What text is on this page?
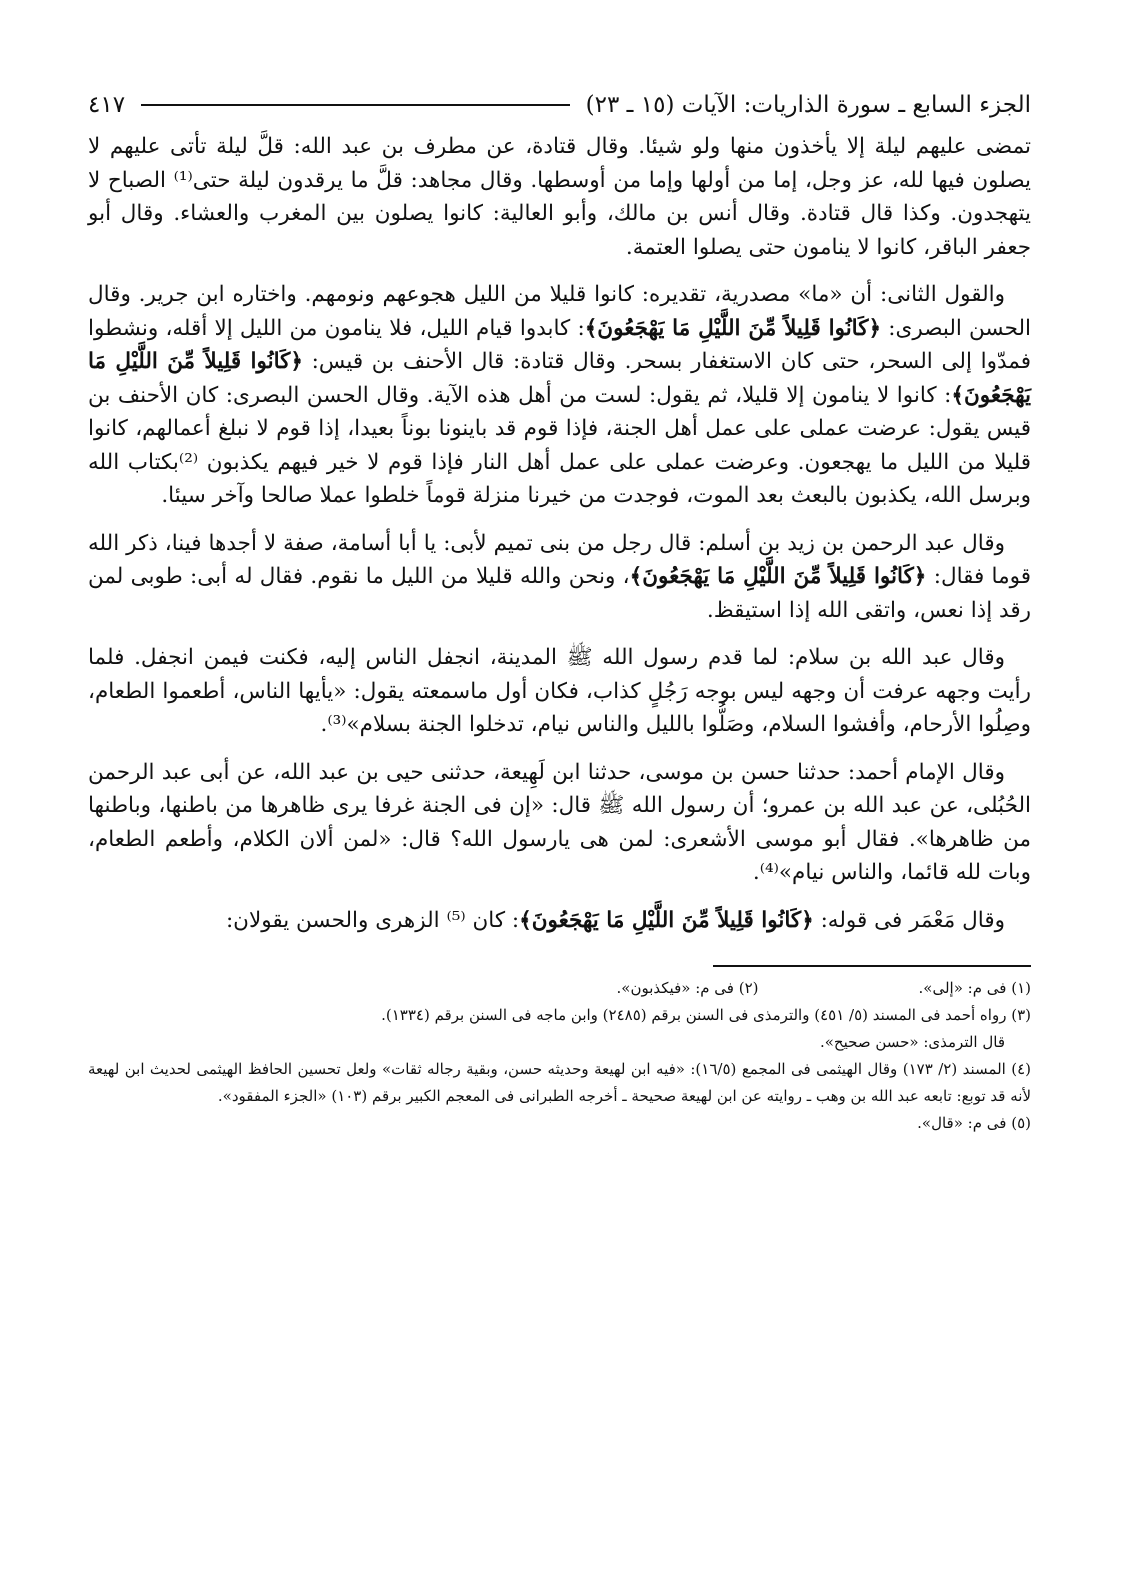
الجزء السابع ـ سورة الذاريات: الآيات (١٥ ـ ٢٣)
٤١٧

تمضى عليهم ليلة إلا يأخذون منها ولو شيئا. وقال قتادة، عن مطرف بن عبد الله: قلَّ ليلة تأتى عليهم لا يصلون فيها لله، عز وجل، إما من أولها وإما من أوسطها. وقال مجاهد: قلَّ ما يرقدون ليلة حتى⁽¹⁾ الصباح لا يتهجدون. وكذا قال قتادة. وقال أنس بن مالك، وأبو العالية: كانوا يصلون بين المغرب والعشاء. وقال أبو جعفر الباقر، كانوا لا ينامون حتى يصلوا العتمة.

والقول الثانى: أن «ما» مصدرية، تقديره: كانوا قليلا من الليل هجوعهم ونومهم. واختاره ابن جرير. وقال الحسن البصرى: ﴿كَانُوا قَلِيلاً مِّنَ اللَّيْلِ مَا يَهْجَعُونَ﴾: كابدوا قيام الليل، فلا ينامون من الليل إلا أقله، ونشطوا فمدّوا إلى السحر، حتى كان الاستغفار بسحر. وقال قتادة: قال الأحنف بن قيس: ﴿كَانُوا قَلِيلاً مِّنَ اللَّيْلِ مَا يَهْجَعُونَ﴾: كانوا لا ينامون إلا قليلا، ثم يقول: لست من أهل هذه الآية. وقال الحسن البصرى: كان الأحنف بن قيس يقول: عرضت عملى على عمل أهل الجنة، فإذا قوم قد باينونا بوناً بعيدا، إذا قوم لا نبلغ أعمالهم، كانوا قليلا من الليل ما يهجعون. وعرضت عملى على عمل أهل النار فإذا قوم لا خير فيهم يكذبون ⁽²⁾بكتاب الله وبرسل الله، يكذبون بالبعث بعد الموت، فوجدت من خيرنا منزلة قوماً خلطوا عملا صالحا وآخر سيئا.

وقال عبد الرحمن بن زيد بن أسلم: قال رجل من بنى تميم لأبى: يا أبا أسامة، صفة لا أجدها فينا، ذكر الله قوما فقال: ﴿كَانُوا قَلِيلاً مِّنَ اللَّيْلِ مَا يَهْجَعُونَ﴾، ونحن والله قليلا من الليل ما نقوم. فقال له أبى: طوبى لمن رقد إذا نعس، واتقى الله إذا استيقظ.

وقال عبد الله بن سلام: لما قدم رسول الله ﷺ المدينة، انجفل الناس إليه، فكنت فيمن انجفل. فلما رأيت وجهه عرفت أن وجهه ليس بوجه رَجُلٍ كذاب، فكان أول ماسمعته يقول: «يأيها الناس، أطعموا الطعام، وصِلُوا الأرحام، وأفشوا السلام، وصَلُّوا بالليل والناس نيام، تدخلوا الجنة بسلام»⁽³⁾.

وقال الإمام أحمد: حدثنا حسن بن موسى، حدثنا ابن لَهِيعة، حدثنى حيى بن عبد الله، عن أبى عبد الرحمن الحُبُلى، عن عبد الله بن عمرو؛ أن رسول الله ﷺ قال: «إن فى الجنة غرفا يرى ظاهرها من باطنها، وباطنها من ظاهرها». فقال أبو موسى الأشعرى: لمن هى يارسول الله؟ قال: «لمن ألان الكلام، وأطعم الطعام، وبات لله قائما، والناس نيام»⁽⁴⁾.

وقال مَعْمَر فى قوله: ﴿كَانُوا قَلِيلاً مِّنَ اللَّيْلِ مَا يَهْجَعُونَ﴾: كان ⁽⁵⁾ الزهرى والحسن يقولان:

(١) فى م: «إلى».
(٢) فى م: «فيكذبون».

(٣) رواه أحمد فى المسند (٥/ ٤٥١) والترمذى فى السنن برقم (٢٤٨٥) وابن ماجه فى السنن برقم (١٣٣٤).

قال الترمذى: «حسن صحيح».

(٤) المسند (٢/ ١٧٣) وقال الهيثمى فى المجمع (١٦/٥): «فيه ابن لهيعة وحديثه حسن، وبقية رجاله ثقات» ولعل تحسين الحافظ الهيثمى لحديث ابن لهيعة لأنه قد توبع: تابعه عبد الله بن وهب ـ روايته عن ابن لهيعة صحيحة ـ أخرجه الطبرانى فى المعجم الكبير برقم (١٠٣) «الجزء المفقود».

(٥) فى م: «قال».
